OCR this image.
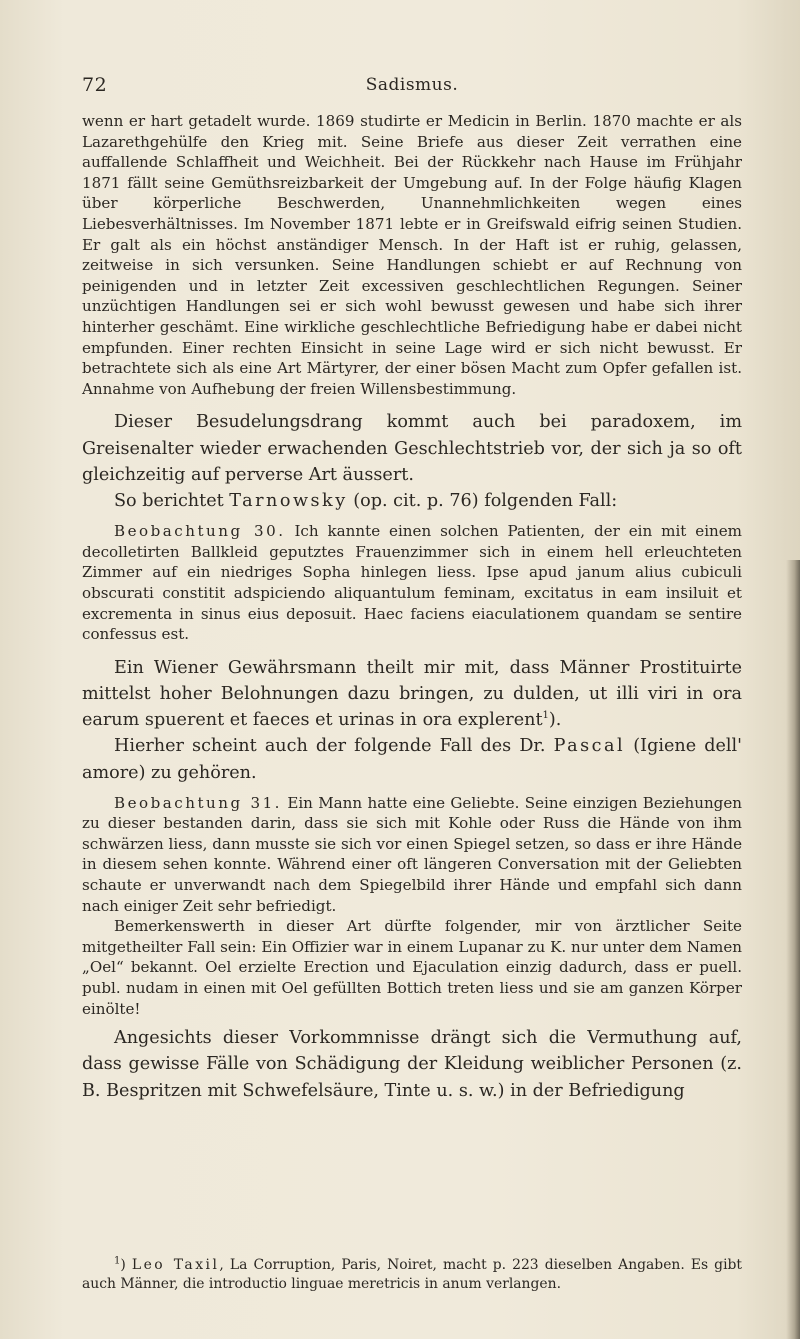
72	Sadismus.

wenn er hart getadelt wurde. 1869 studirte er Medicin in Berlin. 1870 machte er als Lazarethgehülfe den Krieg mit. Seine Briefe aus dieser Zeit verrathen eine auffallende Schlaffheit und Weichheit. Bei der Rückkehr nach Hause im Frühjahr 1871 fällt seine Gemüthsreizbarkeit der Umgebung auf. In der Folge häufig Klagen über körperliche Beschwerden, Unannehmlichkeiten wegen eines Liebesverhältnisses. Im November 1871 lebte er in Greifswald eifrig seinen Studien. Er galt als ein höchst anständiger Mensch. In der Haft ist er ruhig, gelassen, zeitweise in sich versunken. Seine Handlungen schiebt er auf Rechnung von peinigenden und in letzter Zeit excessiven geschlechtlichen Regungen. Seiner unzüchtigen Handlungen sei er sich wohl bewusst gewesen und habe sich ihrer hinterher geschämt. Eine wirkliche geschlechtliche Befriedigung habe er dabei nicht empfunden. Einer rechten Einsicht in seine Lage wird er sich nicht bewusst. Er betrachtete sich als eine Art Märtyrer, der einer bösen Macht zum Opfer gefallen ist. Annahme von Aufhebung der freien Willensbestimmung.

Dieser Besudelungsdrang kommt auch bei paradoxem, im Greisenalter wieder erwachenden Geschlechtstrieb vor, der sich ja so oft gleichzeitig auf perverse Art äussert.

So berichtet Tarnowsky (op. cit. p. 76) folgenden Fall:

Beobachtung 30. Ich kannte einen solchen Patienten, der ein mit einem decolletirten Ballkleid geputztes Frauenzimmer sich in einem hell erleuchteten Zimmer auf ein niedriges Sopha hinlegen liess. Ipse apud janum alius cubiculi obscurati constitit adspiciendo aliquantulum feminam, excitatus in eam insiluit et excrementa in sinus eius deposuit. Haec faciens eiaculationem quandam se sentire confessus est.

Ein Wiener Gewährsmann theilt mir mit, dass Männer Prostituirte mittelst hoher Belohnungen dazu bringen, zu dulden, ut illi viri in ora earum spuerent et faeces et urinas in ora explerent$^1$).

Hierher scheint auch der folgende Fall des Dr. Pascal (Igiene dell' amore) zu gehören.

Beobachtung 31. Ein Mann hatte eine Geliebte. Seine einzigen Beziehungen zu dieser bestanden darin, dass sie sich mit Kohle oder Russ die Hände von ihm schwärzen liess, dann musste sie sich vor einen Spiegel setzen, so dass er ihre Hände in diesem sehen konnte. Während einer oft längeren Conversation mit der Geliebten schaute er unverwandt nach dem Spiegelbild ihrer Hände und empfahl sich dann nach einiger Zeit sehr befriedigt.

Bemerkenswerth in dieser Art dürfte folgender, mir von ärztlicher Seite mitgetheilter Fall sein: Ein Offizier war in einem Lupanar zu K. nur unter dem Namen „Oel“ bekannt. Oel erzielte Erection und Ejaculation einzig dadurch, dass er puell. publ. nudam in einen mit Oel gefüllten Bottich treten liess und sie am ganzen Körper einölte!

Angesichts dieser Vorkommnisse drängt sich die Vermuthung auf, dass gewisse Fälle von Schädigung der Kleidung weiblicher Personen (z. B. Bespritzen mit Schwefelsäure, Tinte u. s. w.) in der Befriedigung

$^1$) Leo Taxil, La Corruption, Paris, Noiret, macht p. 223 dieselben Angaben. Es gibt auch Männer, die introductio linguae meretricis in anum verlangen.
